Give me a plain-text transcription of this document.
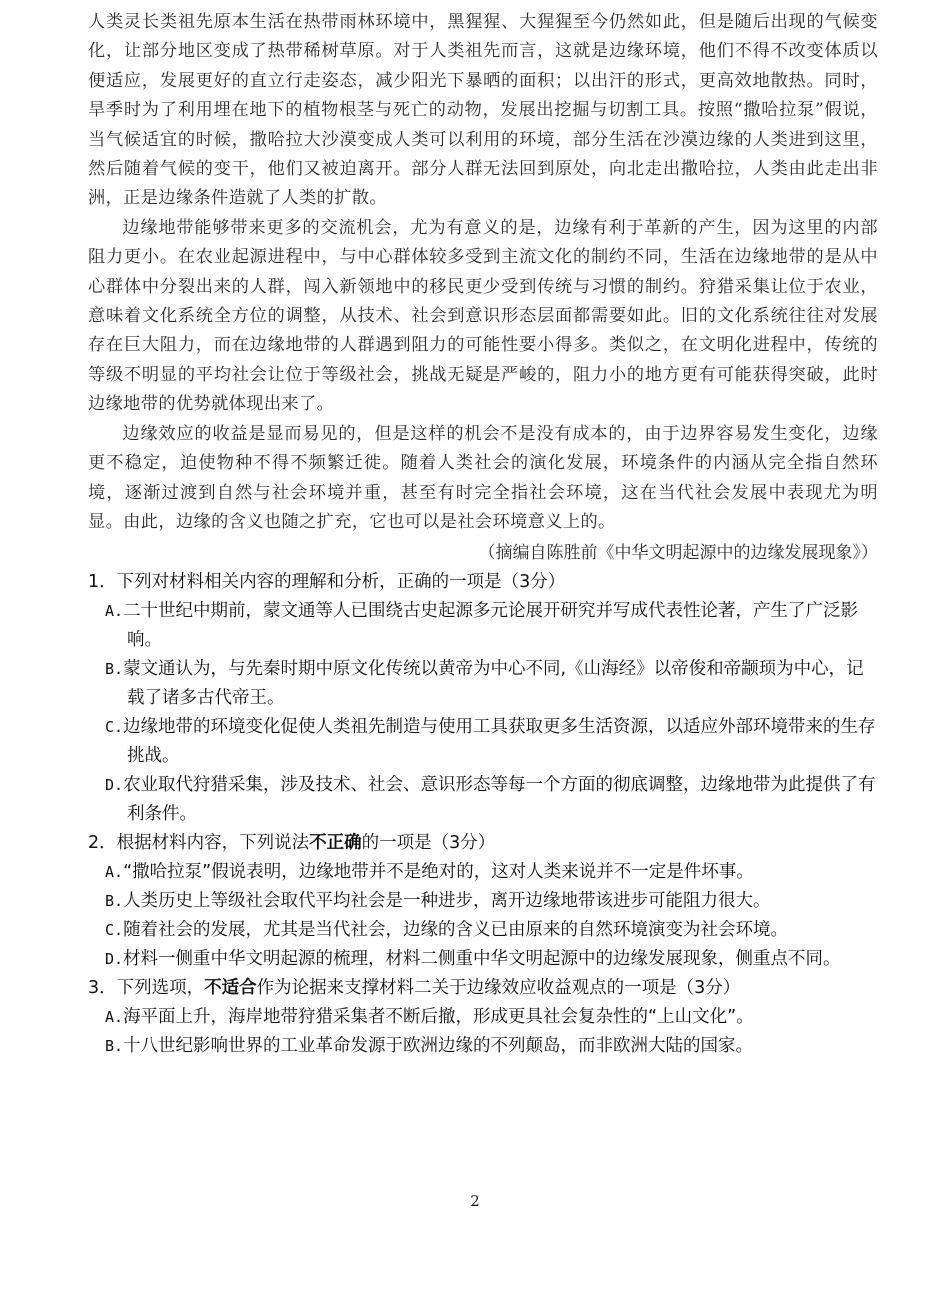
人类灵长类祖先原本生活在热带雨林环境中，黑猩猩、大猩猩至今仍然如此，但是随后出现的气候变化，让部分地区变成了热带稀树草原。对于人类祖先而言，这就是边缘环境，他们不得不改变体质以便适应，发展更好的直立行走姿态，减少阳光下暴晒的面积；以出汗的形式，更高效地散热。同时，旱季时为了利用埋在地下的植物根茎与死亡的动物，发展出挖掘与切割工具。按照“撒哈拉泵”假说，当气候适宜的时候，撒哈拉大沙漠变成人类可以利用的环境，部分生活在沙漠边缘的人类进到这里，然后随着气候的变干，他们又被迫离开。部分人群无法回到原处，向北走出撒哈拉，人类由此走出非洲，正是边缘条件造就了人类的扩散。

边缘地带能够带来更多的交流机会，尤为有意义的是，边缘有利于革新的产生，因为这里的内部阻力更小。在农业起源进程中，与中心群体较多受到主流文化的制约不同，生活在边缘地带的是从中心群体中分裂出来的人群，闯入新领地中的移民更少受到传统与习惯的制约。狩猎采集让位于农业，意味着文化系统全方位的调整，从技术、社会到意识形态层面都需要如此。旧的文化系统往往对发展存在巨大阻力，而在边缘地带的人群遇到阻力的可能性要小得多。类似之，在文明化进程中，传统的等级不明显的平均社会让位于等级社会，挑战无疑是严峻的，阻力小的地方更有可能获得突破，此时边缘地带的优势就体现出来了。

边缘效应的收益是显而易见的，但是这样的机会不是没有成本的，由于边界容易发生变化，边缘更不稳定，迫使物种不得不频繁迁徙。随着人类社会的演化发展，环境条件的内涵从完全指自然环境，逐渐过渡到自然与社会环境并重，甚至有时完全指社会环境，这在当代社会发展中表现尤为明显。由此，边缘的含义也随之扩充，它也可以是社会环境意义上的。

（摘编自陈胜前《中华文明起源中的边缘发展现象》）

1．下列对材料相关内容的理解和分析，正确的一项是（3分）

A.二十世纪中期前，蒙文通等人已围绕古史起源多元论展开研究并写成代表性论著，产生了广泛影响。

B.蒙文通认为，与先秦时期中原文化传统以黄帝为中心不同,《山海经》以帝俊和帝颛顼为中心，记载了诸多古代帝王。

C.边缘地带的环境变化促使人类祖先制造与使用工具获取更多生活资源，以适应外部环境带来的生存挑战。

D.农业取代狩猎采集，涉及技术、社会、意识形态等每一个方面的彻底调整，边缘地带为此提供了有利条件。

2．根据材料内容，下列说法不正确的一项是（3分）

A.“撒哈拉泵”假说表明，边缘地带并不是绝对的，这对人类来说并不一定是件坏事。

B.人类历史上等级社会取代平均社会是一种进步，离开边缘地带该进步可能阻力很大。

C.随着社会的发展，尤其是当代社会，边缘的含义已由原来的自然环境演变为社会环境。

D.材料一侧重中华文明起源的梳理，材料二侧重中华文明起源中的边缘发展现象，侧重点不同。

3．下列选项，不适合作为论据来支撑材料二关于边缘效应收益观点的一项是（3分）

A.海平面上升，海岸地带狩猎采集者不断后撤，形成更具社会复杂性的“上山文化”。

B.十八世纪影响世界的工业革命发源于欧洲边缘的不列颠岛，而非欧洲大陆的国家。

2
